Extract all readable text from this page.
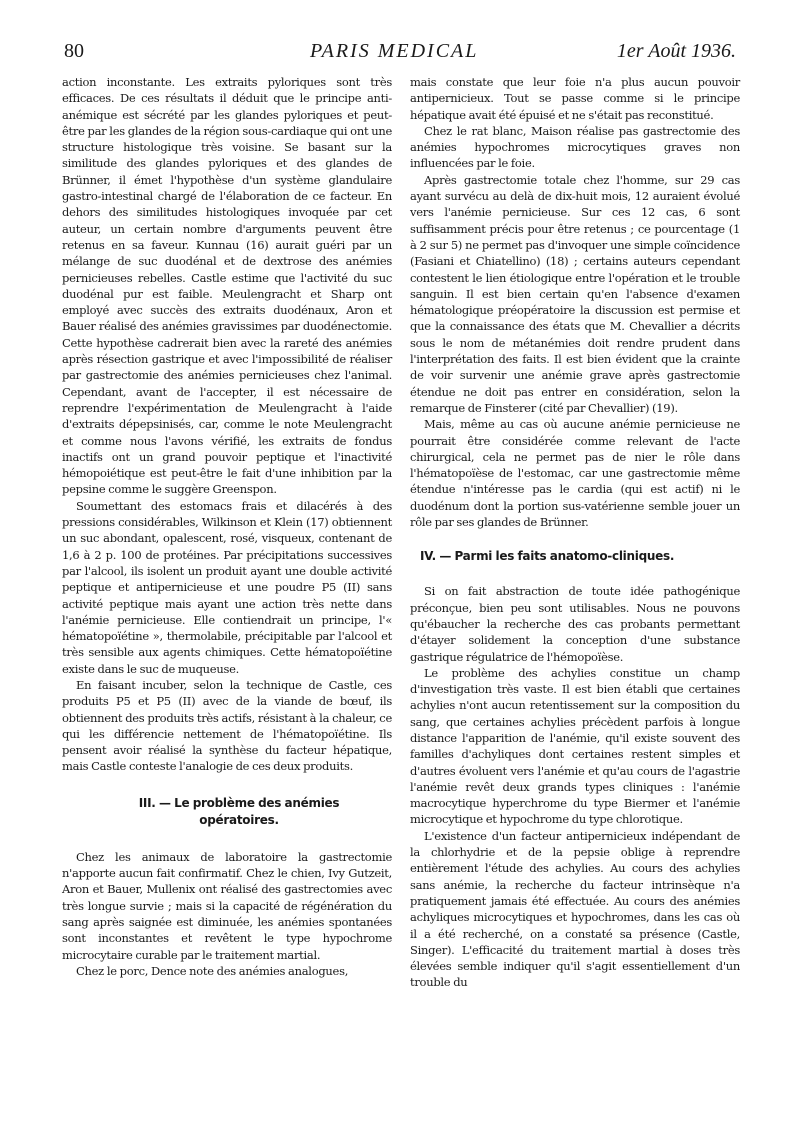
80	PARIS MEDICAL	1er Août 1936.

action inconstante. Les extraits pyloriques sont très efficaces. De ces résultats il déduit que le principe anti-anémique est sécrété par les glandes pyloriques et peut-être par les glandes de la région sous-cardiaque qui ont une structure histologique très voisine. Se basant sur la similitude des glandes pyloriques et des glandes de Brünner, il émet l'hypothèse d'un système glandulaire gastro-intestinal chargé de l'élaboration de ce facteur. En dehors des similitudes histologiques invoquée par cet auteur, un certain nombre d'arguments peuvent être retenus en sa faveur. Kunnau (16) aurait guéri par un mélange de suc duodénal et de dextrose des anémies pernicieuses rebelles. Castle estime que l'activité du suc duodénal pur est faible. Meulengracht et Sharp ont employé avec succès des extraits duodénaux, Aron et Bauer réalisé des anémies gravissimes par duodénectomie. Cette hypothèse cadrerait bien avec la rareté des anémies après résection gastrique et avec l'impossibilité de réaliser par gastrectomie des anémies pernicieuses chez l'animal. Cependant, avant de l'accepter, il est nécessaire de reprendre l'expérimentation de Meulengracht à l'aide d'extraits dépepsinisés, car, comme le note Meulengracht et comme nous l'avons vérifié, les extraits de fondus inactifs ont un grand pouvoir peptique et l'inactivité hémopoiétique est peut-être le fait d'une inhibition par la pepsine comme le suggère Greenspon.

Soumettant des estomacs frais et dilacérés à des pressions considérables, Wilkinson et Klein (17) obtiennent un suc abondant, opalescent, rosé, visqueux, contenant de 1,6 à 2 p. 100 de protéines. Par précipitations successives par l'alcool, ils isolent un produit ayant une double activité peptique et antipernicieuse et une poudre P5 (II) sans activité peptique mais ayant une action très nette dans l'anémie pernicieuse. Elle contiendrait un principe, l'« hématopoïétine », thermolabile, précipitable par l'alcool et très sensible aux agents chimiques. Cette hématopoïétine existe dans le suc de muqueuse.

En faisant incuber, selon la technique de Castle, ces produits P5 et P5 (II) avec de la viande de bœuf, ils obtiennent des produits très actifs, résistant à la chaleur, ce qui les différencie nettement de l'hématopoïétine. Ils pensent avoir réalisé la synthèse du facteur hépatique, mais Castle conteste l'analogie de ces deux produits.

III. — Le problème des anémies
opératoires.

Chez les animaux de laboratoire la gastrectomie n'apporte aucun fait confirmatif. Chez le chien, Ivy Gutzeit, Aron et Bauer, Mullenix ont réalisé des gastrectomies avec très longue survie ; mais si la capacité de régénération du sang après saignée est diminuée, les anémies spontanées sont inconstantes et revêtent le type hypochrome microcytaire curable par le traitement martial.

Chez le porc, Dence note des anémies analogues,

mais constate que leur foie n'a plus aucun pouvoir antipernicieux. Tout se passe comme si le principe hépatique avait été épuisé et ne s'était pas reconstitué.

Chez le rat blanc, Maison réalise pas gastrectomie des anémies hypochromes microcytiques graves non influencées par le foie.

Après gastrectomie totale chez l'homme, sur 29 cas ayant survécu au delà de dix-huit mois, 12 auraient évolué vers l'anémie pernicieuse. Sur ces 12 cas, 6 sont suffisamment précis pour être retenus ; ce pourcentage (1 à 2 sur 5) ne permet pas d'invoquer une simple coïncidence (Fasiani et Chiatellino) (18) ; certains auteurs cependant contestent le lien étiologique entre l'opération et le trouble sanguin. Il est bien certain qu'en l'absence d'examen hématologique préopératoire la discussion est permise et que la connaissance des états que M. Chevallier a décrits sous le nom de métanémies doit rendre prudent dans l'interprétation des faits. Il est bien évident que la crainte de voir survenir une anémie grave après gastrectomie étendue ne doit pas entrer en considération, selon la remarque de Finsterer (cité par Chevallier) (19).

Mais, même au cas où aucune anémie pernicieuse ne pourrait être considérée comme relevant de l'acte chirurgical, cela ne permet pas de nier le rôle dans l'hématopoïèse de l'estomac, car une gastrectomie même étendue n'intéresse pas le cardia (qui est actif) ni le duodénum dont la portion sus-vatérienne semble jouer un rôle par ses glandes de Brünner.

IV. — Parmi les faits anatomo-cliniques.

Si on fait abstraction de toute idée pathogénique préconçue, bien peu sont utilisables. Nous ne pouvons qu'ébaucher la recherche des cas probants permettant d'étayer solidement la conception d'une substance gastrique régulatrice de l'hémopoïèse.

Le problème des achylies constitue un champ d'investigation très vaste. Il est bien établi que certaines achylies n'ont aucun retentissement sur la composition du sang, que certaines achylies précèdent parfois à longue distance l'apparition de l'anémie, qu'il existe souvent des familles d'achyliques dont certaines restent simples et d'autres évoluent vers l'anémie et qu'au cours de l'agastrie l'anémie revêt deux grands types cliniques : l'anémie macrocytique hyperchrome du type Biermer et l'anémie microcytique et hypochrome du type chlorotique.

L'existence d'un facteur antipernicieux indépendant de la chlorhydrie et de la pepsie oblige à reprendre entièrement l'étude des achylies. Au cours des achylies sans anémie, la recherche du facteur intrinsèque n'a pratiquement jamais été effectuée. Au cours des anémies achyliques microcytiques et hypochromes, dans les cas où il a été recherché, on a constaté sa présence (Castle, Singer). L'efficacité du traitement martial à doses très élevées semble indiquer qu'il s'agit essentiellement d'un trouble du
